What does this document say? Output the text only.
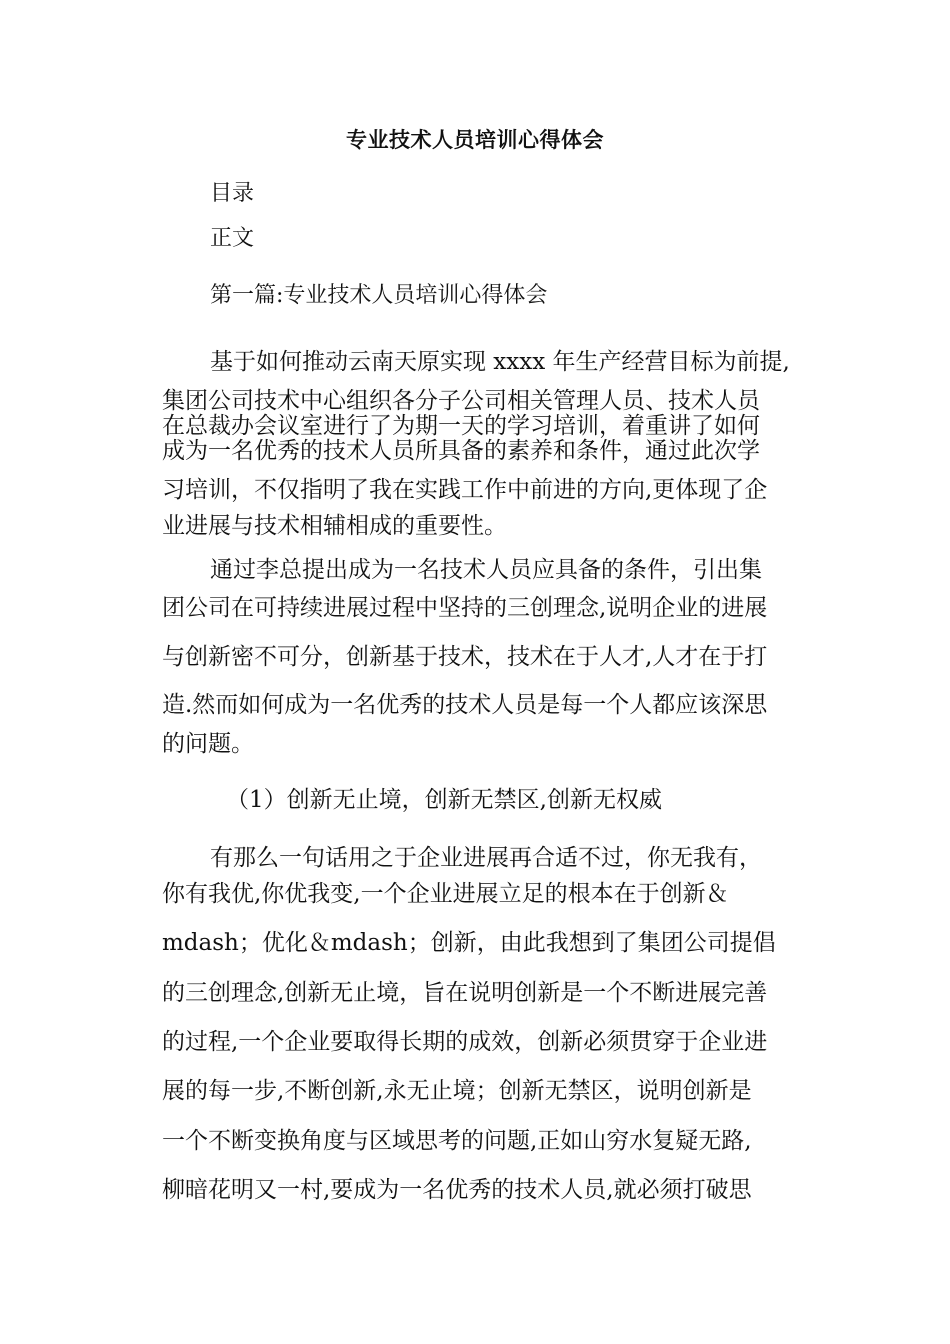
专业技术人员培训心得体会
目录
正文
第一篇:专业技术人员培训心得体会
基于如何推动云南天原实现 xxxx 年生产经营目标为前提,
集团公司技术中心组织各分子公司相关管理人员、技术人员
在总裁办会议室进行了为期一天的学习培训，着重讲了如何
成为一名优秀的技术人员所具备的素养和条件，通过此次学
习培训，不仅指明了我在实践工作中前进的方向,更体现了企
业进展与技术相辅相成的重要性。
通过李总提出成为一名技术人员应具备的条件，引出集
团公司在可持续进展过程中坚持的三创理念,说明企业的进展
与创新密不可分，创新基于技术，技术在于人才,人才在于打
造.然而如何成为一名优秀的技术人员是每一个人都应该深思
的问题。
（1）创新无止境，创新无禁区,创新无权威
有那么一句话用之于企业进展再合适不过，你无我有，
你有我优,你优我变,一个企业进展立足的根本在于创新＆
mdash；优化＆mdash；创新，由此我想到了集团公司提倡
的三创理念,创新无止境，旨在说明创新是一个不断进展完善
的过程,一个企业要取得长期的成效，创新必须贯穿于企业进
展的每一步,不断创新,永无止境；创新无禁区，说明创新是
一个不断变换角度与区域思考的问题,正如山穷水复疑无路,
柳暗花明又一村,要成为一名优秀的技术人员,就必须打破思
